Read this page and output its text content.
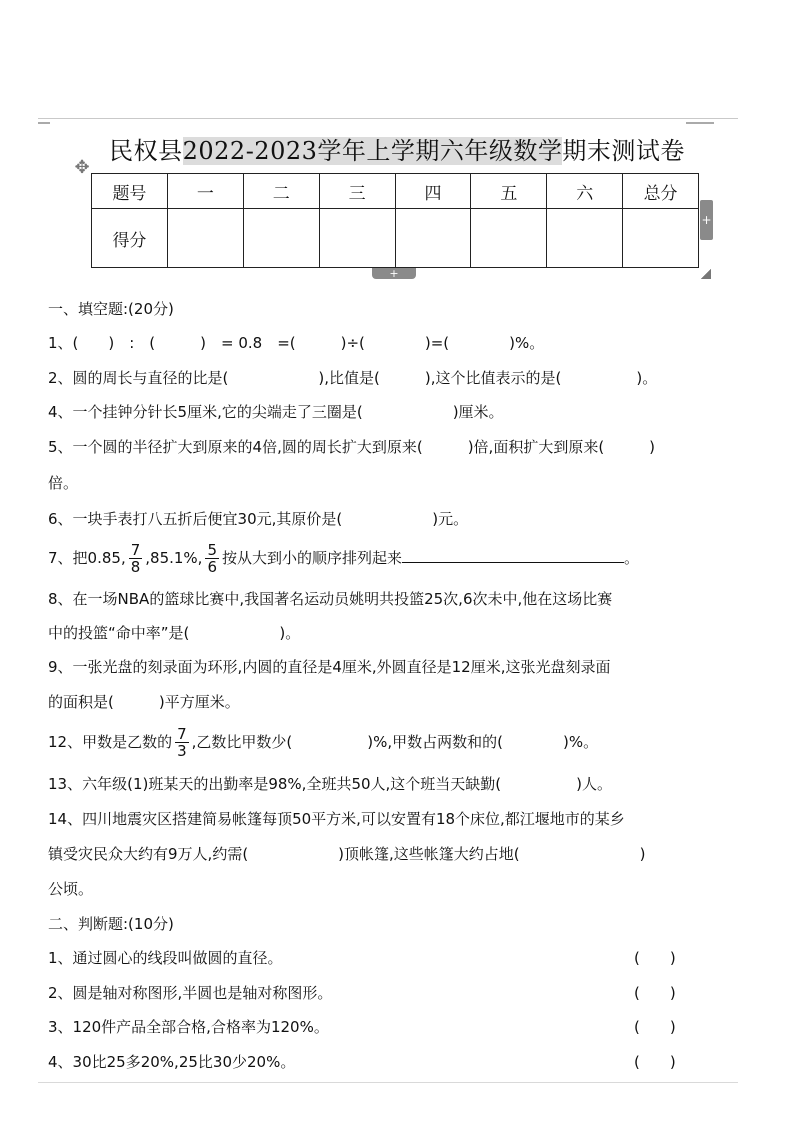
民权县2022-2023学年上学期六年级数学期末测试卷
✥
题号	一	二	三	四	五	六	总分
得分							
+
+
一、填空题:(20分)
1、(　　)　:　(　　　)　= 0.8　=(　　　)÷(　　　　)=(　　　　)%。
2、圆的周长与直径的比是(　　　　　　),比值是(　　　),这个比值表示的是(　　　　　)。
4、一个挂钟分针长5厘米,它的尖端走了三圈是(　　　　　　)厘米。
5、一个圆的半径扩大到原来的4倍,圆的周长扩大到原来(　　　)倍,面积扩大到原来(　　　)
倍。
6、一块手表打八五折后便宜30元,其原价是(　　　　　　)元。
7、把0.85, $\frac{7}{8} ,85.1\%$, $\frac{5}{6}$ 按从大到小的顺序排列起来	。
8、在一场NBA的篮球比赛中,我国著名运动员姚明共投篮25次,6次未中,他在这场比赛
中的投篮“命中率”是(　　　　　　)。
9、一张光盘的刻录面为环形,内圆的直径是4厘米,外圆直径是12厘米,这张光盘刻录面
的面积是(　　　)平方厘米。
12、甲数是乙数的 $\frac{7}{3}$ ,乙数比甲数少(　　　　　)%,甲数占两数和的(　　　　)%。
13、六年级(1)班某天的出勤率是98%,全班共50人,这个班当天缺勤(　　　　　)人。
14、四川地震灾区搭建简易帐篷每顶50平方米,可以安置有18个床位,都江堰地市的某乡
镇受灾民众大约有9万人,约需(　　　　　　)顶帐篷,这些帐篷大约占地(　　　　　　　　)
公顷。
二、判断题:(10分)
1、通过圆心的线段叫做圆的直径。	(　　)
2、圆是轴对称图形,半圆也是轴对称图形。	(　　)
3、120件产品全部合格,合格率为120%。	(　　)
4、30比25多20%,25比30少20%。	(　　)
